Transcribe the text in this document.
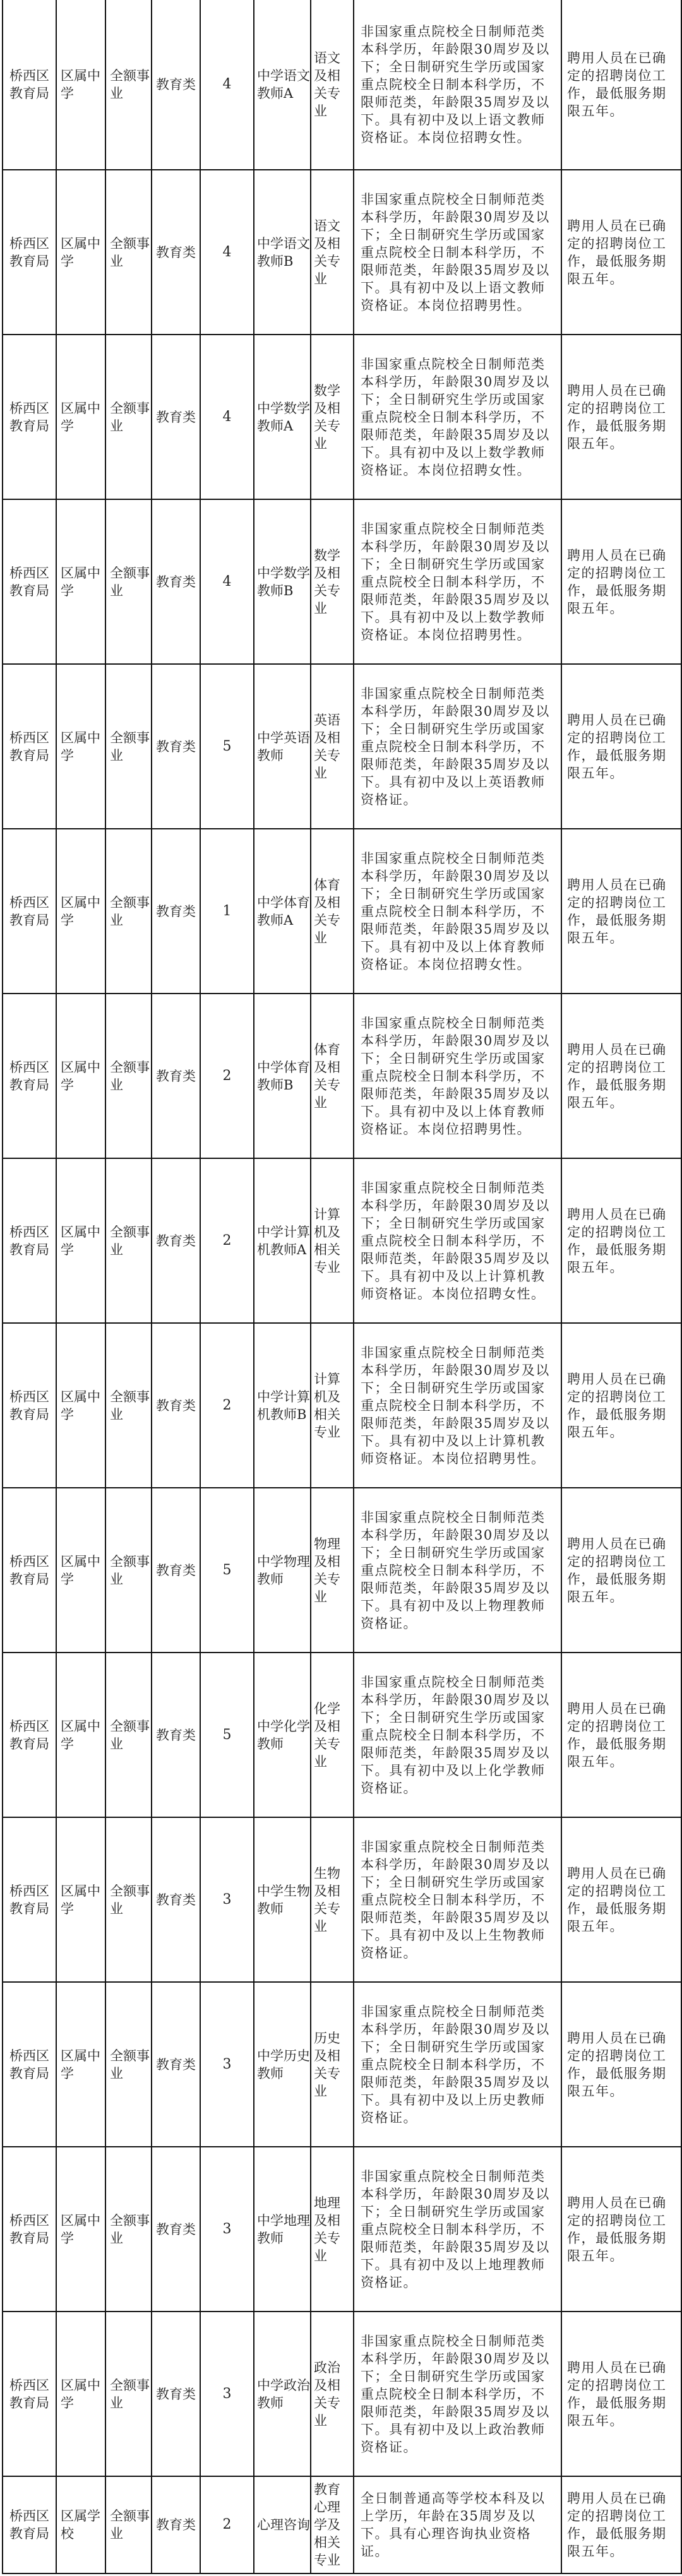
桥西区教育局	区属中学	全额事业	教育类	4	中学语文教师A	语文及相关专业	非国家重点院校全日制师范类本科学历，年龄限30周岁及以下；全日制研究生学历或国家重点院校全日制本科学历，不限师范类，年龄限35周岁及以下。具有初中及以上语文教师资格证。本岗位招聘女性。	聘用人员在已确定的招聘岗位工作，最低服务期限五年。
桥西区教育局	区属中学	全额事业	教育类	4	中学语文教师B	语文及相关专业	非国家重点院校全日制师范类本科学历，年龄限30周岁及以下；全日制研究生学历或国家重点院校全日制本科学历，不限师范类，年龄限35周岁及以下。具有初中及以上语文教师资格证。本岗位招聘男性。	聘用人员在已确定的招聘岗位工作，最低服务期限五年。
桥西区教育局	区属中学	全额事业	教育类	4	中学数学教师A	数学及相关专业	非国家重点院校全日制师范类本科学历，年龄限30周岁及以下；全日制研究生学历或国家重点院校全日制本科学历，不限师范类，年龄限35周岁及以下。具有初中及以上数学教师资格证。本岗位招聘女性。	聘用人员在已确定的招聘岗位工作，最低服务期限五年。
桥西区教育局	区属中学	全额事业	教育类	4	中学数学教师B	数学及相关专业	非国家重点院校全日制师范类本科学历，年龄限30周岁及以下；全日制研究生学历或国家重点院校全日制本科学历，不限师范类，年龄限35周岁及以下。具有初中及以上数学教师资格证。本岗位招聘男性。	聘用人员在已确定的招聘岗位工作，最低服务期限五年。
桥西区教育局	区属中学	全额事业	教育类	5	中学英语教师	英语及相关专业	非国家重点院校全日制师范类本科学历，年龄限30周岁及以下；全日制研究生学历或国家重点院校全日制本科学历，不限师范类，年龄限35周岁及以下。具有初中及以上英语教师资格证。	聘用人员在已确定的招聘岗位工作，最低服务期限五年。
桥西区教育局	区属中学	全额事业	教育类	1	中学体育教师A	体育及相关专业	非国家重点院校全日制师范类本科学历，年龄限30周岁及以下；全日制研究生学历或国家重点院校全日制本科学历，不限师范类，年龄限35周岁及以下。具有初中及以上体育教师资格证。本岗位招聘女性。	聘用人员在已确定的招聘岗位工作，最低服务期限五年。
桥西区教育局	区属中学	全额事业	教育类	2	中学体育教师B	体育及相关专业	非国家重点院校全日制师范类本科学历，年龄限30周岁及以下；全日制研究生学历或国家重点院校全日制本科学历，不限师范类，年龄限35周岁及以下。具有初中及以上体育教师资格证。本岗位招聘男性。	聘用人员在已确定的招聘岗位工作，最低服务期限五年。
桥西区教育局	区属中学	全额事业	教育类	2	中学计算机教师A	计算机及相关专业	非国家重点院校全日制师范类本科学历，年龄限30周岁及以下；全日制研究生学历或国家重点院校全日制本科学历，不限师范类，年龄限35周岁及以下。具有初中及以上计算机教师资格证。本岗位招聘女性。	聘用人员在已确定的招聘岗位工作，最低服务期限五年。
桥西区教育局	区属中学	全额事业	教育类	2	中学计算机教师B	计算机及相关专业	非国家重点院校全日制师范类本科学历，年龄限30周岁及以下；全日制研究生学历或国家重点院校全日制本科学历，不限师范类，年龄限35周岁及以下。具有初中及以上计算机教师资格证。本岗位招聘男性。	聘用人员在已确定的招聘岗位工作，最低服务期限五年。
桥西区教育局	区属中学	全额事业	教育类	5	中学物理教师	物理及相关专业	非国家重点院校全日制师范类本科学历，年龄限30周岁及以下；全日制研究生学历或国家重点院校全日制本科学历，不限师范类，年龄限35周岁及以下。具有初中及以上物理教师资格证。	聘用人员在已确定的招聘岗位工作，最低服务期限五年。
桥西区教育局	区属中学	全额事业	教育类	5	中学化学教师	化学及相关专业	非国家重点院校全日制师范类本科学历，年龄限30周岁及以下；全日制研究生学历或国家重点院校全日制本科学历，不限师范类，年龄限35周岁及以下。具有初中及以上化学教师资格证。	聘用人员在已确定的招聘岗位工作，最低服务期限五年。
桥西区教育局	区属中学	全额事业	教育类	3	中学生物教师	生物及相关专业	非国家重点院校全日制师范类本科学历，年龄限30周岁及以下；全日制研究生学历或国家重点院校全日制本科学历，不限师范类，年龄限35周岁及以下。具有初中及以上生物教师资格证。	聘用人员在已确定的招聘岗位工作，最低服务期限五年。
桥西区教育局	区属中学	全额事业	教育类	3	中学历史教师	历史及相关专业	非国家重点院校全日制师范类本科学历，年龄限30周岁及以下；全日制研究生学历或国家重点院校全日制本科学历，不限师范类，年龄限35周岁及以下。具有初中及以上历史教师资格证。	聘用人员在已确定的招聘岗位工作，最低服务期限五年。
桥西区教育局	区属中学	全额事业	教育类	3	中学地理教师	地理及相关专业	非国家重点院校全日制师范类本科学历，年龄限30周岁及以下；全日制研究生学历或国家重点院校全日制本科学历，不限师范类，年龄限35周岁及以下。具有初中及以上地理教师资格证。	聘用人员在已确定的招聘岗位工作，最低服务期限五年。
桥西区教育局	区属中学	全额事业	教育类	3	中学政治教师	政治及相关专业	非国家重点院校全日制师范类本科学历，年龄限30周岁及以下；全日制研究生学历或国家重点院校全日制本科学历，不限师范类，年龄限35周岁及以下。具有初中及以上政治教师资格证。	聘用人员在已确定的招聘岗位工作，最低服务期限五年。
桥西区教育局	区属学校	全额事业	教育类	2	心理咨询	教育心理学及相关专业	全日制普通高等学校本科及以上学历，年龄在35周岁及以下。具有心理咨询执业资格证。	聘用人员在已确定的招聘岗位工作，最低服务期限五年。
